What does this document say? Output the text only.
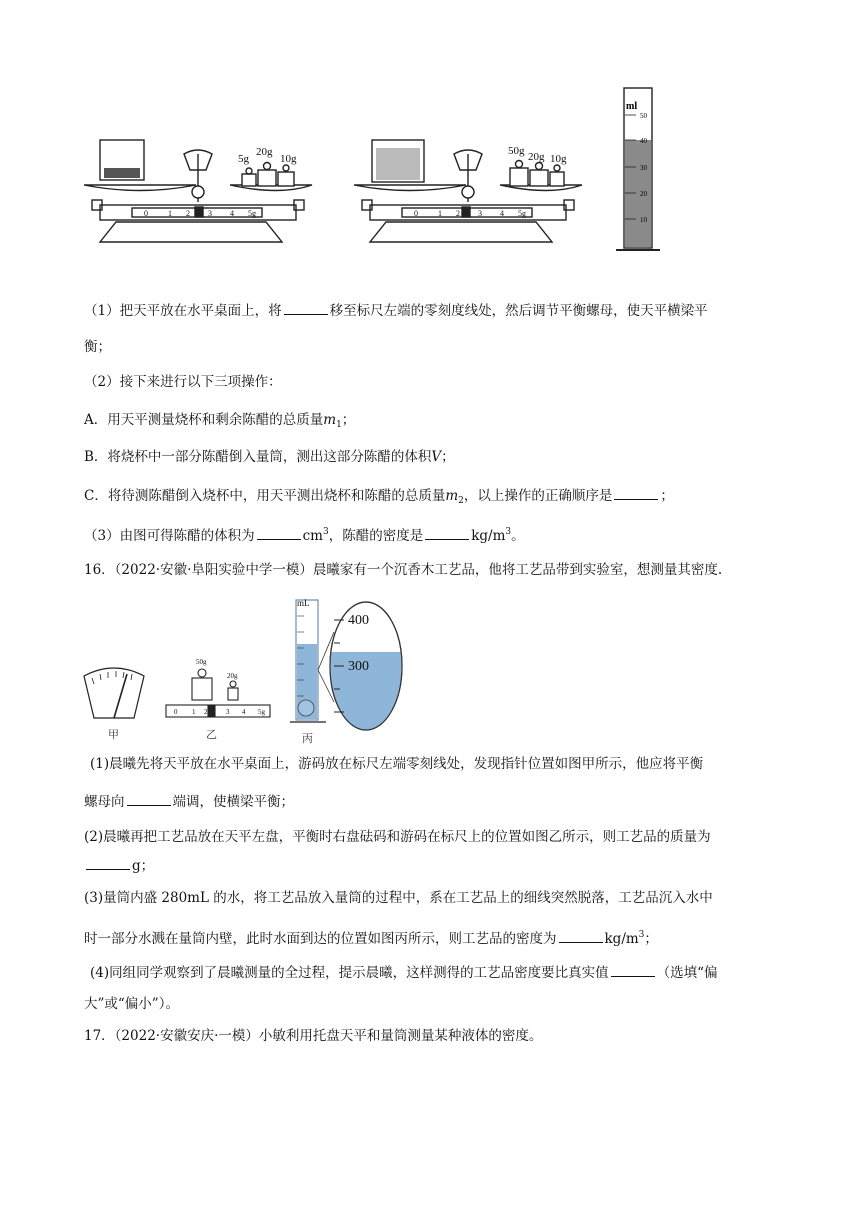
5g
20g
10g
0	1 2 3 4 5g
50g 20g 10g
0	1 2 3 4 5g
ml
50
40
30
20
10
（1）把天平放在水平桌面上，将	移至标尺左端的零刻度线处，然后调节平衡螺母，使天平横梁平
衡；
（2）接下来进行以下三项操作：
A．用天平测量烧杯和剩余陈醋的总质量$m_1$；
B．将烧杯中一部分陈醋倒入量筒，测出这部分陈醋的体积V；
C．将待测陈醋倒入烧杯中，用天平测出烧杯和陈醋的总质量$m_2$，以上操作的正确顺序是	；
（3）由图可得陈醋的体积为	$cm^3$，陈醋的密度是	$kg/m^3$。
16．（2022·安徽·阜阳实验中学一模）晨曦家有一个沉香木工艺品，他将工艺品带到实验室，想测量其密度.
甲
50g
20g
0 1 2	3 4 5g
乙
mL
400
300
丙
(1)晨曦先将天平放在水平桌面上，游码放在标尺左端零刻线处，发现指针位置如图甲所示，他应将平衡
螺母向	端调，使横梁平衡；
(2)晨曦再把工艺品放在天平左盘，平衡时右盘砝码和游码在标尺上的位置如图乙所示，则工艺品的质量为
g；
(3)量筒内盛 280mL 的水，将工艺品放入量筒的过程中，系在工艺品上的细线突然脱落，工艺品沉入水中
时一部分水溅在量筒内壁，此时水面到达的位置如图丙所示，则工艺品的密度为	$kg/m^3$；
(4)同组同学观察到了晨曦测量的全过程，提示晨曦，这样测得的工艺品密度要比真实值	（选填“偏
大”或“偏小”）。
17．（2022·安徽安庆·一模）小敏利用托盘天平和量筒测量某种液体的密度。
